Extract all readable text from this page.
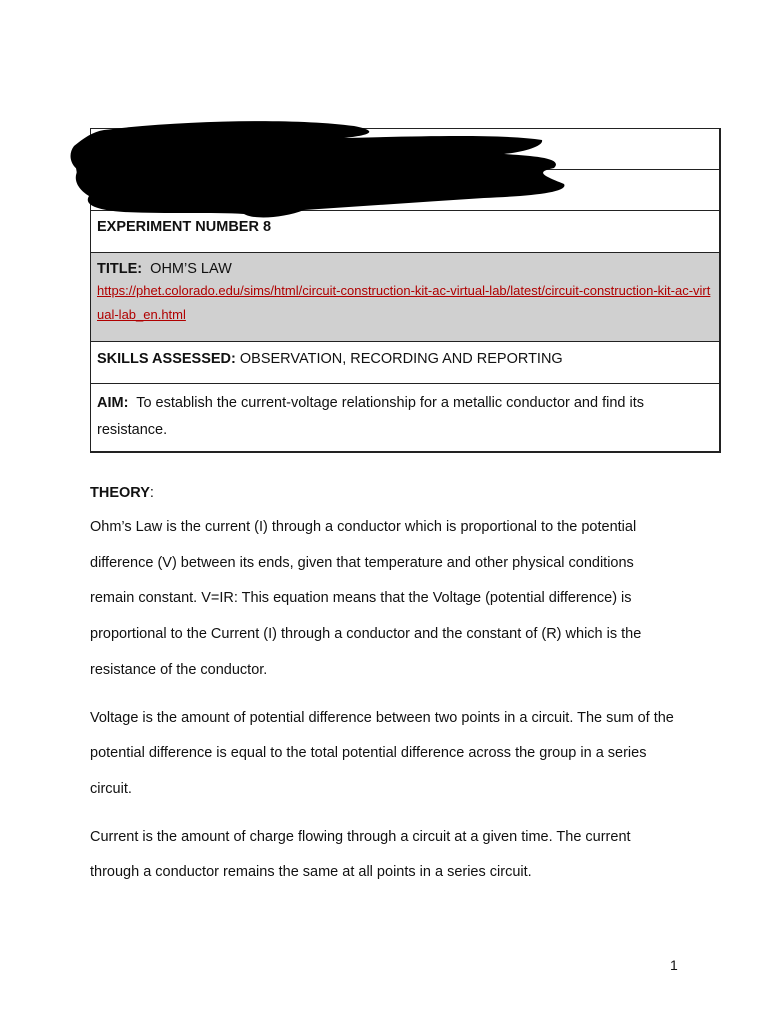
EXPERIMENT NUMBER 8
TITLE: OHM’S LAW
https://phet.colorado.edu/sims/html/circuit-construction-kit-ac-virtual-lab/latest/circuit-construction-kit-ac-virtual-lab_en.html
SKILLS ASSESSED: OBSERVATION, RECORDING AND REPORTING
AIM: To establish the current-voltage relationship for a metallic conductor and find its resistance.
THEORY:

Ohm’s Law is the current (I) through a conductor which is proportional to the potential difference (V) between its ends, given that temperature and other physical conditions remain constant. V=IR: This equation means that the Voltage (potential difference) is proportional to the Current (I) through a conductor and the constant of (R) which is the resistance of the conductor.

Voltage is the amount of potential difference between two points in a circuit. The sum of the potential difference is equal to the total potential difference across the group in a series circuit.

Current is the amount of charge flowing through a circuit at a given time. The current through a conductor remains the same at all points in a series circuit.

1
